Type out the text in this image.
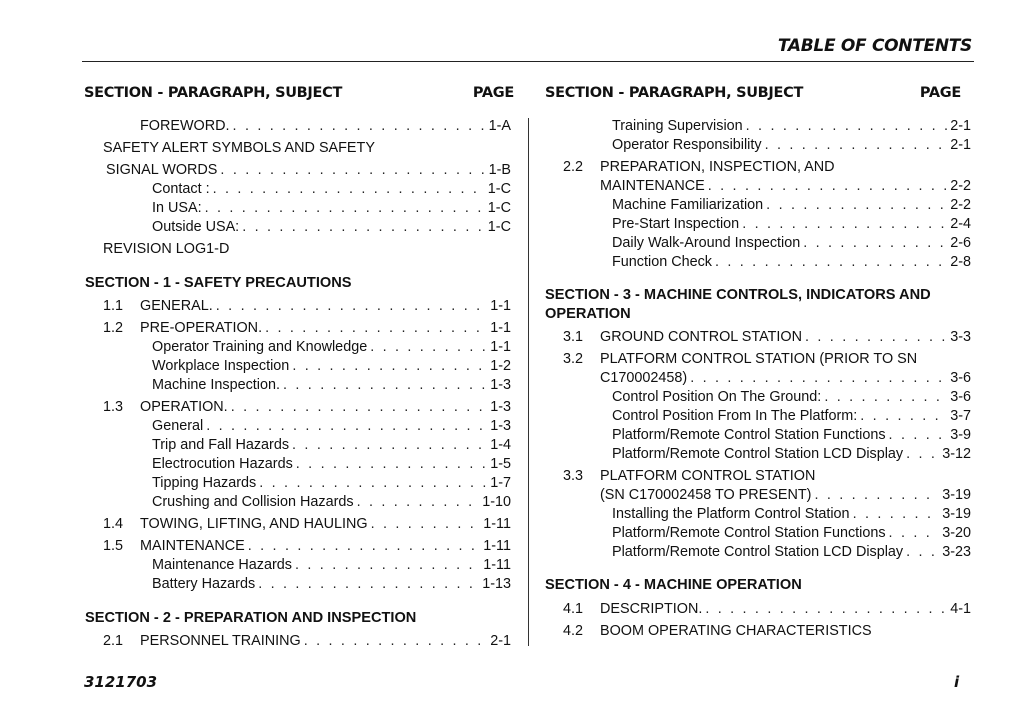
TABLE OF CONTENTS
SECTION - PARAGRAPH, SUBJECT	PAGE SECTION - PARAGRAPH, SUBJECT	PAGE
FOREWORD. . . .	1-A
SAFETY ALERT SYMBOLS AND SAFETY
SIGNAL WORDS . . .	1-B
Contact : . . .	1-C
In USA: . . .	1-C
Outside USA: . . .	1-C
REVISION LOG1-D
SECTION - 1 - SAFETY PRECAUTIONS
1.1 GENERAL. . . .	1-1
1.2 PRE-OPERATION. . . .	1-1
Operator Training and Knowledge . . .	1-1
Workplace Inspection . . .	1-2
Machine Inspection. . . .	1-3
1.3 OPERATION. . . .	1-3
General . . .	1-3
Trip and Fall Hazards . . .	1-4
Electrocution Hazards . . .	1-5
Tipping Hazards . . .	1-7
Crushing and Collision Hazards . . .	1-10
1.4 TOWING, LIFTING, AND HAULING . . .	1-11
1.5 MAINTENANCE . . .	1-11
Maintenance Hazards . . .	1-11
Battery Hazards . . .	1-13
SECTION - 2 - PREPARATION AND INSPECTION
2.1 PERSONNEL TRAINING . . .	2-1
Training Supervision . . .	2-1
Operator Responsibility . . .	2-1
2.2 PREPARATION, INSPECTION, AND
MAINTENANCE . . .	2-2
Machine Familiarization . . .	2-2
Pre-Start Inspection . . .	2-4
Daily Walk-Around Inspection . . .	2-6
Function Check . . .	2-8
SECTION - 3 - MACHINE CONTROLS, INDICATORS AND
OPERATION
3.1 GROUND CONTROL STATION . . .	3-3
3.2 PLATFORM CONTROL STATION (PRIOR TO SN
C170002458) . . .	3-6
Control Position On The Ground: . . .	3-6
Control Position From In The Platform: . . .	3-7
Platform/Remote Control Station Functions . . .	3-9
Platform/Remote Control Station LCD Display . . .	3-12
3.3 PLATFORM CONTROL STATION
(SN C170002458 TO PRESENT) . . .	3-19
Installing the Platform Control Station . . .	3-19
Platform/Remote Control Station Functions . . .	3-20
Platform/Remote Control Station LCD Display . . .	3-23
SECTION - 4 - MACHINE OPERATION
4.1 DESCRIPTION. . . .	4-1
4.2 BOOM OPERATING CHARACTERISTICS
3121703	i
